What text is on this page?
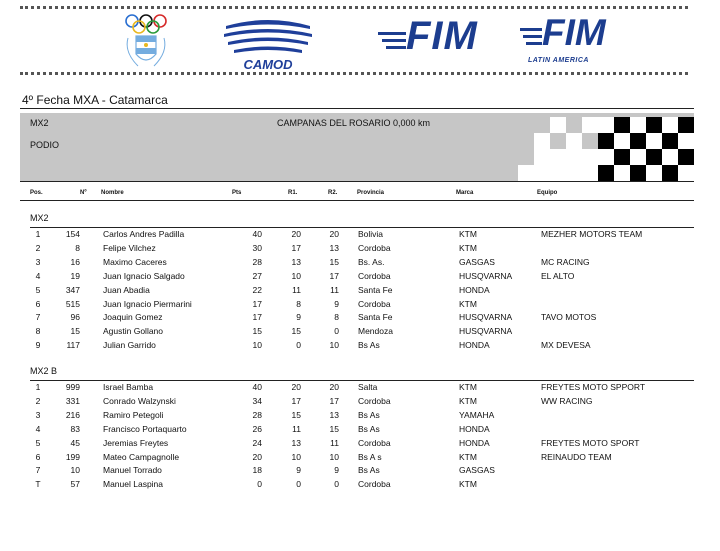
CAMOD
FIM FIM
LATIN AMERICA
4º Fecha MXA - Catamarca
MX2
PODIO
CAMPANAS DEL ROSARIO 0,000 km
Pos.	Nº Nombre	Pts	R1.	R2.	Provincia	Marca	Equipo
MX2
1	154	Carlos Andres Padilla	40	20	20 Bolivia	KTM	MEZHER MOTORS TEAM
2	8	Felipe Vilchez	30	17	13 Cordoba	KTM
3	16	Maximo Caceres	28	13	15 Bs. As.	GASGAS	MC RACING
4	19	Juan Ignacio Salgado	27	10	17 Cordoba	HUSQVARNA	EL ALTO
5	347	Juan Abadia	22	11	11 Santa Fe	HONDA
6	515	Juan Ignacio Piermarini	17	8	9 Cordoba	KTM
7	96	Joaquin Gomez	17	9	8 Santa Fe	HUSQVARNA	TAVO MOTOS
8	15	Agustin Gollano	15	15	0 Mendoza	HUSQVARNA
9	117	Julian Garrido	10	0	10 Bs As	HONDA	MX DEVESA
MX2 B
1	999	Israel Bamba	40	20	20 Salta	KTM	FREYTES MOTO SPPORT
2	331	Conrado Walzynski	34	17	17 Cordoba	KTM	WW RACING
3	216	Ramiro Petegoli	28	15	13 Bs As	YAMAHA
4	83	Francisco Portaquarto	26	11	15 Bs As	HONDA
5	45	Jeremias Freytes	24	13	11 Cordoba	HONDA	FREYTES MOTO SPORT
6	199	Mateo Campagnolle	20	10	10 Bs A s	KTM	REINAUDO TEAM
7	10	Manuel Torrado	18	9	9 Bs As	GASGAS
T	57	Manuel Laspina	0	0	0 Cordoba	KTM
